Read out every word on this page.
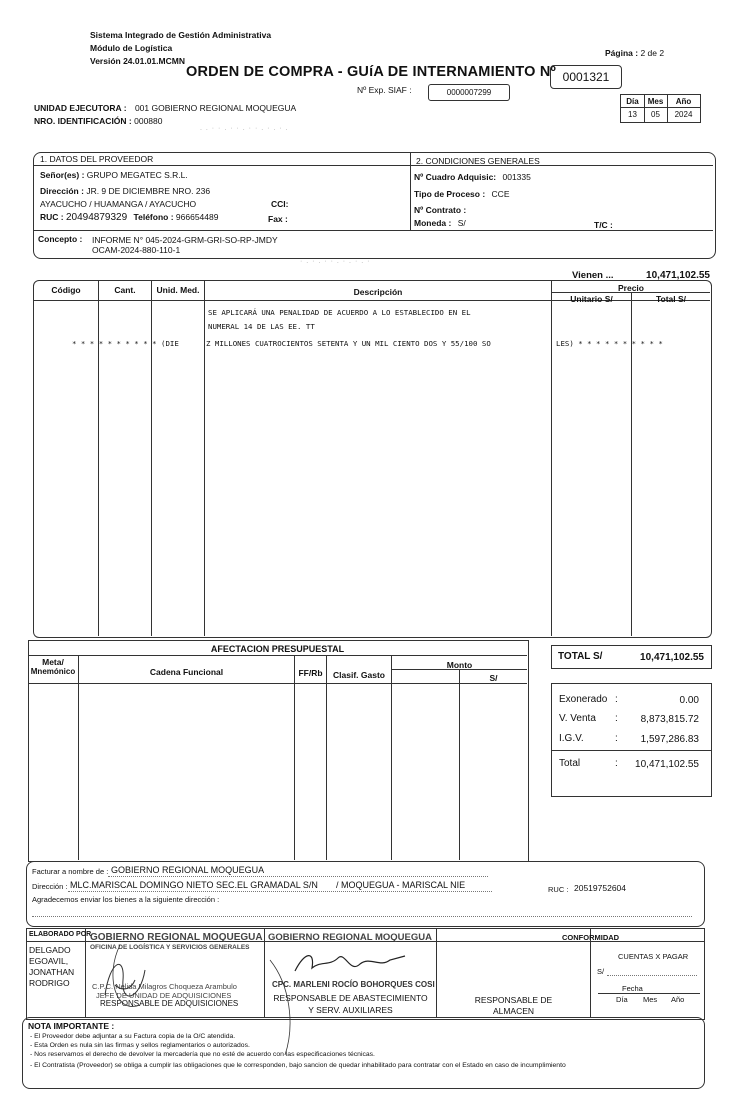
Sistema Integrado de Gestión Administrativa
Módulo de Logística
Versión 24.01.01.MCMN
Página : 2 de 2
ORDEN DE COMPRA - GUíA DE INTERNAMIENTO Nº 0001321
Nº Exp. SIAF :	0000007299
Día	Mes	Año
13	05	2024
UNIDAD EJECUTORA : 001 GOBIERNO REGIONAL MOQUEGUA
NRO. IDENTIFICACIÓN : 000880
. . · · . · · . · · . · . · .
1. DATOS DEL PROVEEDOR	2. CONDICIONES GENERALES
Señor(es) : GRUPO MEGATEC S.R.L.
Dirección : JR. 9 DE DICIEMBRE NRO. 236
AYACUCHO / HUAMANGA / AYACUCHO	CCI:
RUC : 20494879329 Teléfono : 966654489	Fax :
Nº Cuadro Adquisic: 001335
Tipo de Proceso : CCE
Nº Contrato :
Moneda : S/	T/C :
Concepto : INFORME N° 045-2024-GRM-GRI-SO-RP-JMDY
OCAM-2024-880-110-1
· . · . · · . · . · . ·
Vienen ...	10,471,102.55
Código	Cant.	Unid. Med.	Descripción	Precio
Unitario S/	Total S/
SE APLICARÁ UNA PENALIDAD DE ACUERDO A LO ESTABLECIDO EN EL
NUMERAL 14 DE LAS EE. TT
* * * * * * * * * * (DIE	Z MILLONES CUATROCIENTOS SETENTA Y UN MIL CIENTO DOS Y 55/100 SO	LES) * * * * * * * * * *
AFECTACION PRESUPUESTAL
Meta/
Mnemónico	Cadena Funcional	FF/Rb	Clasif. Gasto
Monto
S/
TOTAL S/	10,471,102.55
Exonerado :	0.00
V. Venta :	8,873,815.72
I.G.V.	:	1,597,286.83
Total	:	10,471,102.55
Facturar a nombre de : GOBIERNO REGIONAL MOQUEGUA
Dirección : MLC.MARISCAL DOMINGO NIETO SEC.EL GRAMADAL S/N / MOQUEGUA - MARISCAL NIE	RUC : 20519752604
Agradecemos enviar los bienes a la siguiente dirección :
ELABORADO POR
DELGADO
EGOAVIL,
JONATHAN
RODRIGO
GOBIERNO REGIONAL MOQUEGUA
OFICINA DE LOGÍSTICA Y SERVICIOS GENERALES
C.P.C. Nelida Milagros Choqueza Arambulo
JEFE DE UNIDAD DE ADQUISICIONES
RESPONSABLE DE ADQUISICIONES
GOBIERNO REGIONAL MOQUEGUA
CPC. MARLENI ROCÍO BOHORQUES COSI
RESPONSABLE DE ABASTECIMIENTO
Y SERV. AUXILIARES
RESPONSABLE DE
ALMACEN
CONFORMIDAD
CUENTAS X PAGAR
S/
Fecha
Día Mes Año
NOTA IMPORTANTE :
- El Proveedor debe adjuntar a su Factura copia de la O/C atendida.
- Esta Orden es nula sin las firmas y sellos reglamentarios o autorizados.
- Nos reservamos el derecho de devolver la mercadería que no esté de acuerdo con las especificaciones técnicas.
- El Contratista (Proveedor) se obliga a cumplir las obligaciones que le corresponden, bajo sancion de quedar inhabilitado para contratar con el Estado en caso de incumplimiento
